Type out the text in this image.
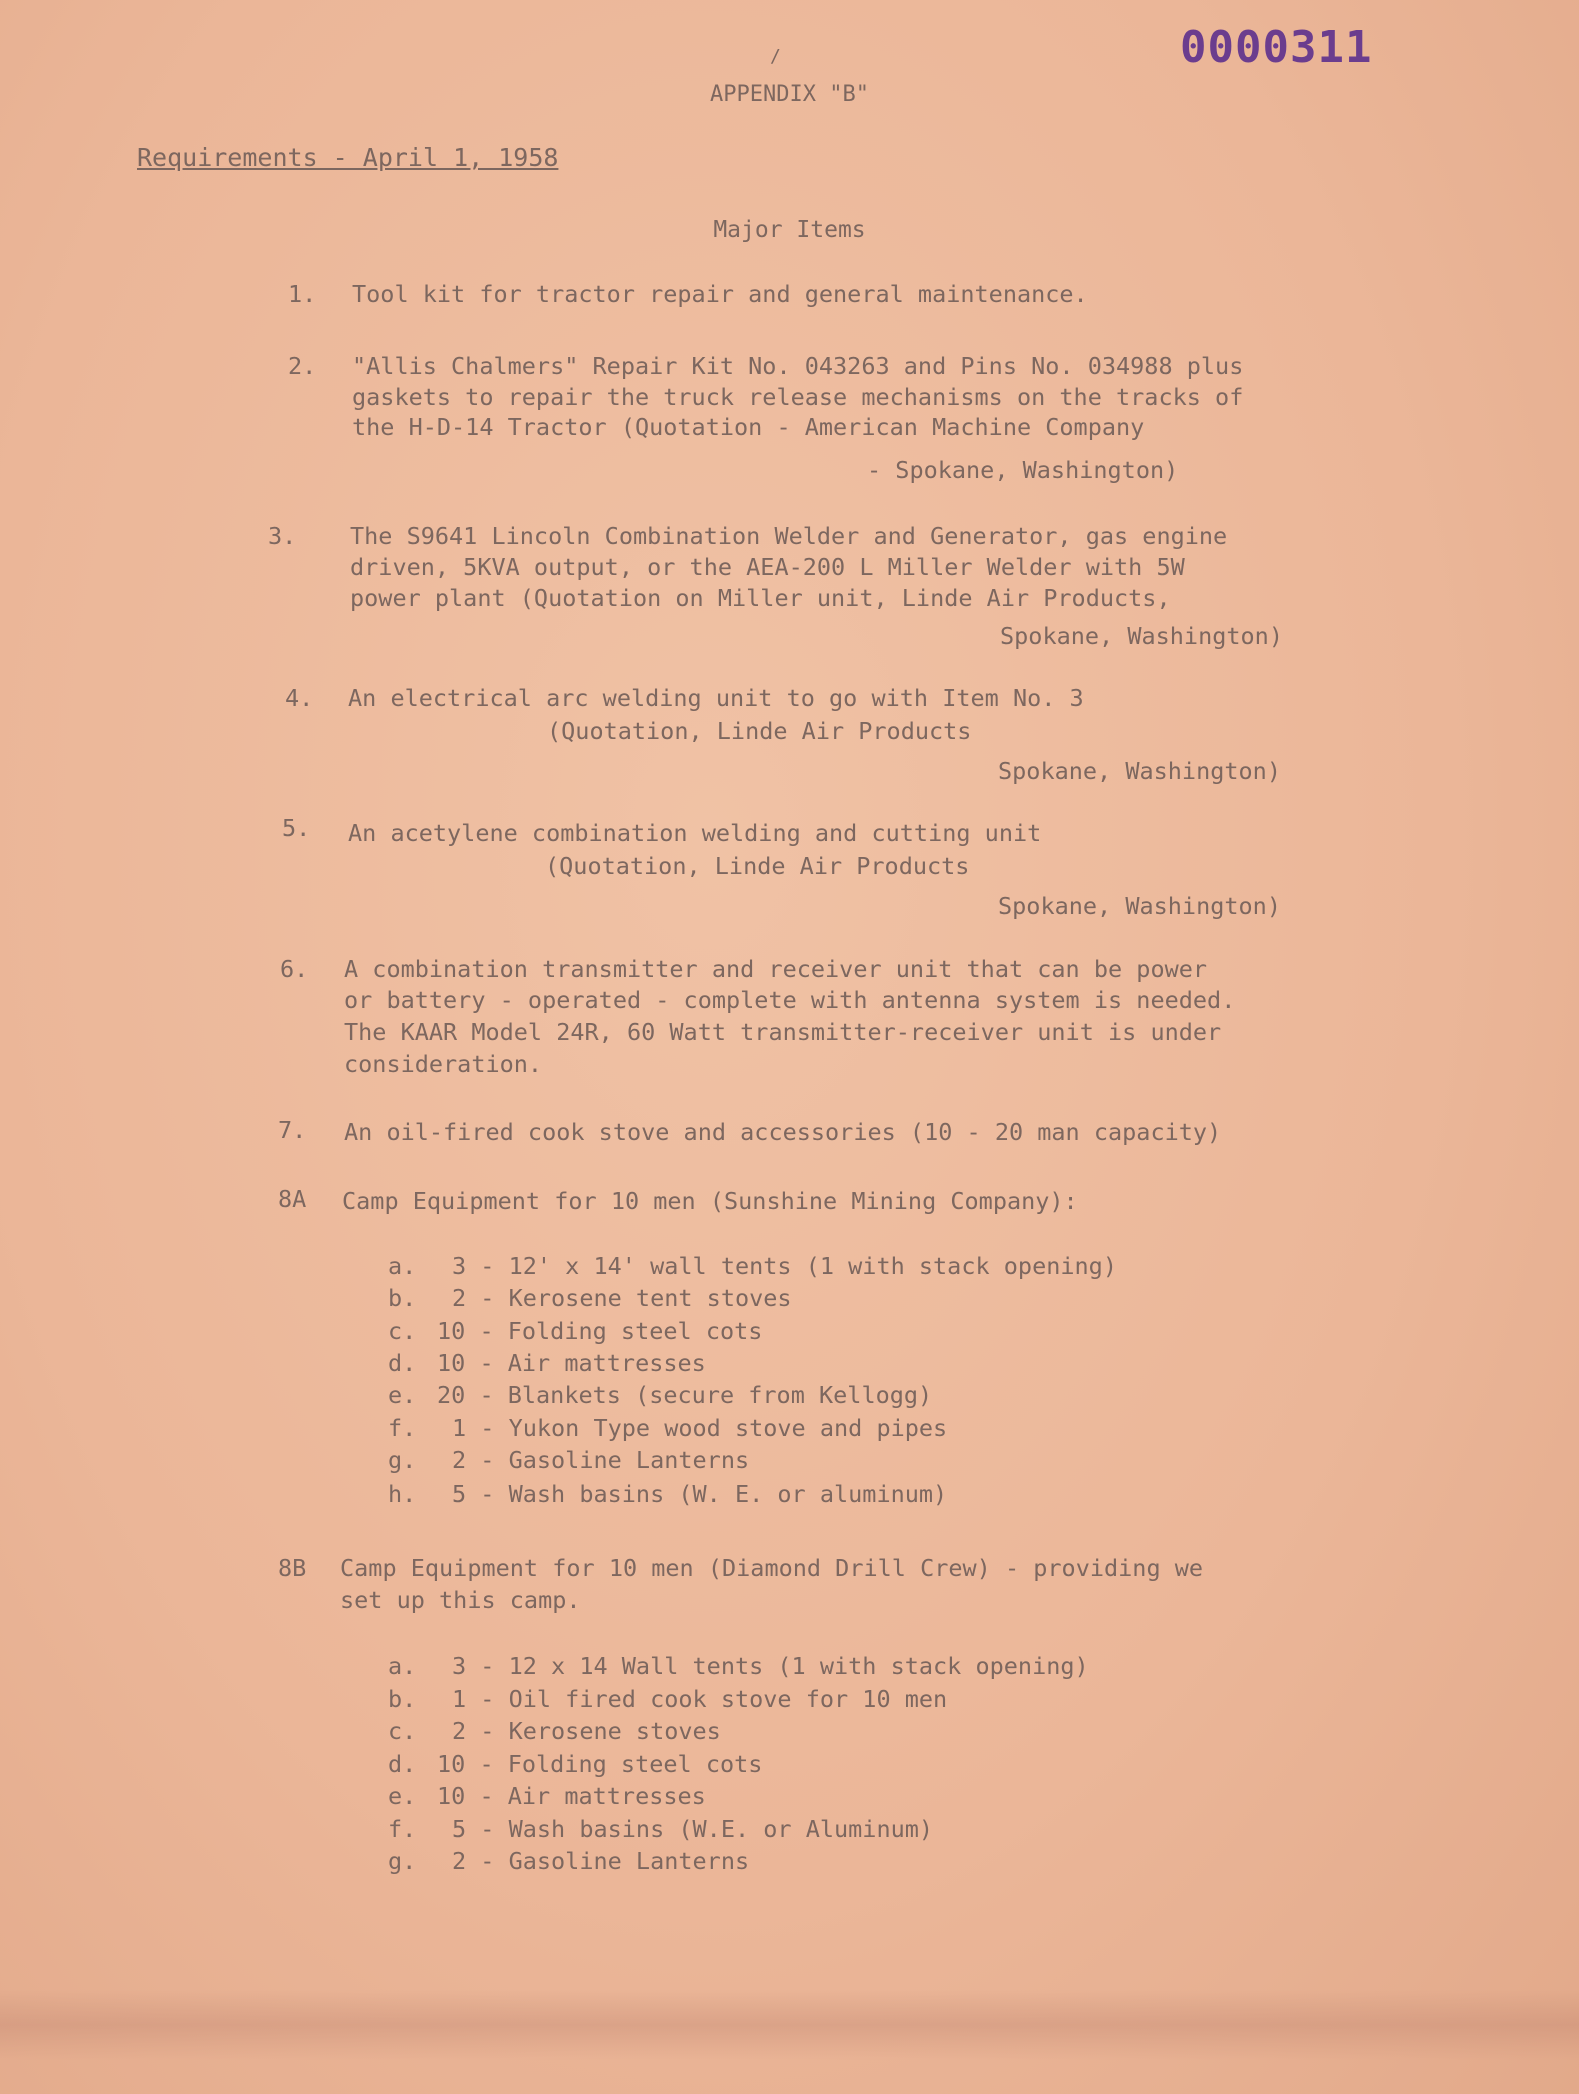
0000311
/
APPENDIX "B"
Requirements - April 1, 1958
Major Items
1. Tool kit for tractor repair and general maintenance.
2. "Allis Chalmers" Repair Kit No. 043263 and Pins No. 034988 plus
gaskets to repair the truck release mechanisms on the tracks of
the H-D-14 Tractor (Quotation - American Machine Company
- Spokane, Washington)
3. The S9641 Lincoln Combination Welder and Generator, gas engine
driven, 5KVA output, or the AEA-200 L Miller Welder with 5W
power plant (Quotation on Miller unit, Linde Air Products,
Spokane, Washington)
4. An electrical arc welding unit to go with Item No. 3
(Quotation, Linde Air Products
Spokane, Washington)
5. An acetylene combination welding and cutting unit
(Quotation, Linde Air Products
Spokane, Washington)
6. A combination transmitter and receiver unit that can be power
or battery - operated - complete with antenna system is needed.
The KAAR Model 24R, 60 Watt transmitter-receiver unit is under
consideration.
7. An oil-fired cook stove and accessories (10 - 20 man capacity)
8A Camp Equipment for 10 men (Sunshine Mining Company):
a. 3 - 12' x 14' wall tents (1 with stack opening)
b. 2 - Kerosene tent stoves
c. 10 - Folding steel cots
d. 10 - Air mattresses
e. 20 - Blankets (secure from Kellogg)
f. 1 - Yukon Type wood stove and pipes
g. 2 - Gasoline Lanterns
h. 5 - Wash basins (W. E. or aluminum)
8B Camp Equipment for 10 men (Diamond Drill Crew) - providing we
set up this camp.
a. 3 - 12 x 14 Wall tents (1 with stack opening)
b. 1 - Oil fired cook stove for 10 men
c. 2 - Kerosene stoves
d. 10 - Folding steel cots
e. 10 - Air mattresses
f. 5 - Wash basins (W.E. or Aluminum)
g. 2 - Gasoline Lanterns
